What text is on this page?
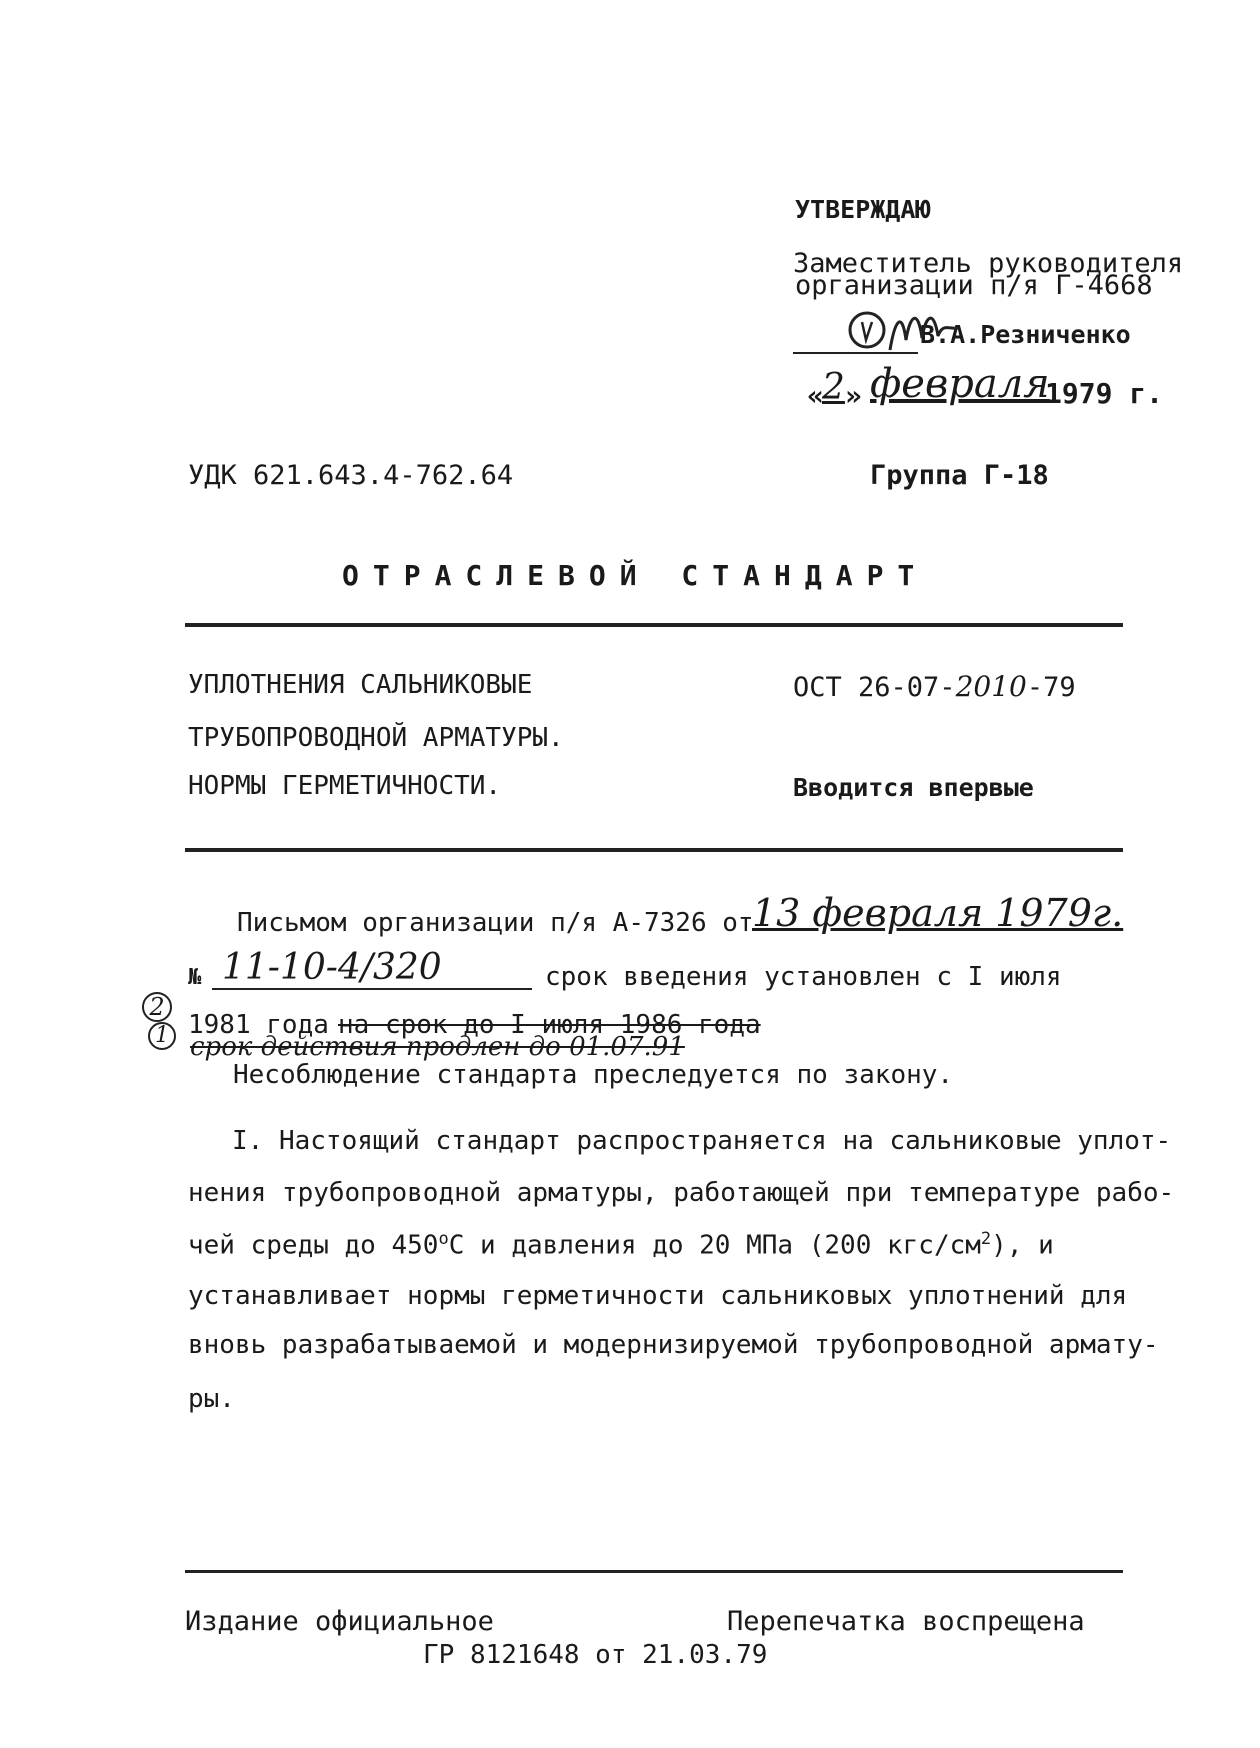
УТВЕРЖДАЮ
Заместитель руководителя
организации п/я Г-4668
В.А.Резниченко
«
2 » февраля
1979 г.
УДК 621.643.4-762.64	Группа Г-18
ОТРАСЛЕВОЙ СТАНДАРТ
УПЛОТНЕНИЯ САЛЬНИКОВЫЕ
ТРУБОПРОВОДНОЙ АРМАТУРЫ.
НОРМЫ ГЕРМЕТИЧНОСТИ.
ОСТ 26-07-2010-79
Вводится впервые
Письмом организации п/я А-7326 от
13 февраля 1979г.
№ 11-10-4/320	срок введения установлен с I июля
2
1 1981 года на срок до I июля 1986 года
срок действия продлен до 01.07.91
Несоблюдение стандарта преследуется по закону.
I. Настоящий стандарт распространяется на сальниковые уплот-
нения трубопроводной арматуры, работающей при температуре рабо-
чей среды до $450^оС$ и давления до 20 МПа (200 кгс/$см^2$), и
устанавливает нормы герметичности сальниковых уплотнений для
вновь разрабатываемой и модернизируемой трубопроводной армату-
ры.
Издание официальное	Перепечатка воспрещена
ГР 8121648 от 21.03.79
